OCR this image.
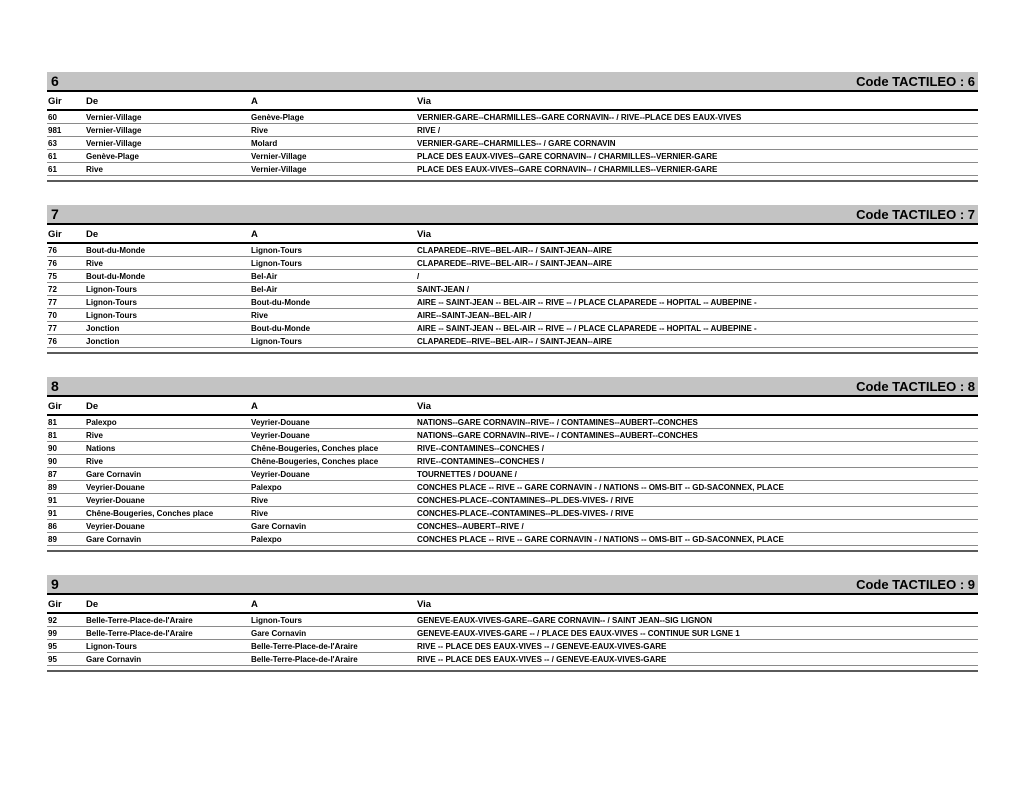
6	Code TACTILEO : 6
Gir	De	A	Via
60	Vernier-Village	Genève-Plage	VERNIER-GARE--CHARMILLES--GARE CORNAVIN-- / RIVE--PLACE DES EAUX-VIVES
981	Vernier-Village	Rive	RIVE /
63	Vernier-Village	Molard	VERNIER-GARE--CHARMILLES-- / GARE CORNAVIN
61	Genève-Plage	Vernier-Village	PLACE DES EAUX-VIVES--GARE CORNAVIN-- / CHARMILLES--VERNIER-GARE
61	Rive	Vernier-Village	PLACE DES EAUX-VIVES--GARE CORNAVIN-- / CHARMILLES--VERNIER-GARE
7	Code TACTILEO : 7
Gir	De	A	Via
76	Bout-du-Monde	Lignon-Tours	CLAPAREDE--RIVE--BEL-AIR-- / SAINT-JEAN--AIRE
76	Rive	Lignon-Tours	CLAPAREDE--RIVE--BEL-AIR-- / SAINT-JEAN--AIRE
75	Bout-du-Monde	Bel-Air	/
72	Lignon-Tours	Bel-Air	SAINT-JEAN /
77	Lignon-Tours	Bout-du-Monde	AIRE -- SAINT-JEAN -- BEL-AIR -- RIVE -- / PLACE CLAPAREDE -- HOPITAL -- AUBEPINE -
70	Lignon-Tours	Rive	AIRE--SAINT-JEAN--BEL-AIR /
77	Jonction	Bout-du-Monde	AIRE -- SAINT-JEAN -- BEL-AIR -- RIVE -- / PLACE CLAPAREDE -- HOPITAL -- AUBEPINE -
76	Jonction	Lignon-Tours	CLAPAREDE--RIVE--BEL-AIR-- / SAINT-JEAN--AIRE
8	Code TACTILEO : 8
Gir	De	A	Via
81	Palexpo	Veyrier-Douane	NATIONS--GARE CORNAVIN--RIVE-- / CONTAMINES--AUBERT--CONCHES
81	Rive	Veyrier-Douane	NATIONS--GARE CORNAVIN--RIVE-- / CONTAMINES--AUBERT--CONCHES
90	Nations	Chêne-Bougeries, Conches place	RIVE--CONTAMINES--CONCHES /
90	Rive	Chêne-Bougeries, Conches place	RIVE--CONTAMINES--CONCHES /
87	Gare Cornavin	Veyrier-Douane	TOURNETTES / DOUANE /
89	Veyrier-Douane	Palexpo	CONCHES PLACE -- RIVE -- GARE CORNAVIN - / NATIONS -- OMS-BIT -- GD-SACONNEX, PLACE
91	Veyrier-Douane	Rive	CONCHES-PLACE--CONTAMINES--PL.DES-VIVES- / RIVE
91	Chêne-Bougeries, Conches place	Rive	CONCHES-PLACE--CONTAMINES--PL.DES-VIVES- / RIVE
86	Veyrier-Douane	Gare Cornavin	CONCHES--AUBERT--RIVE /
89	Gare Cornavin	Palexpo	CONCHES PLACE -- RIVE -- GARE CORNAVIN - / NATIONS -- OMS-BIT -- GD-SACONNEX, PLACE
9	Code TACTILEO : 9
Gir	De	A	Via
92	Belle-Terre-Place-de-l'Araire	Lignon-Tours	GENEVE-EAUX-VIVES-GARE--GARE CORNAVIN-- / SAINT JEAN--SIG LIGNON
99	Belle-Terre-Place-de-l'Araire	Gare Cornavin	GENEVE-EAUX-VIVES-GARE -- / PLACE DES EAUX-VIVES -- CONTINUE SUR LGNE 1
95	Lignon-Tours	Belle-Terre-Place-de-l'Araire	RIVE -- PLACE DES EAUX-VIVES -- / GENEVE-EAUX-VIVES-GARE
95	Gare Cornavin	Belle-Terre-Place-de-l'Araire	RIVE -- PLACE DES EAUX-VIVES -- / GENEVE-EAUX-VIVES-GARE
